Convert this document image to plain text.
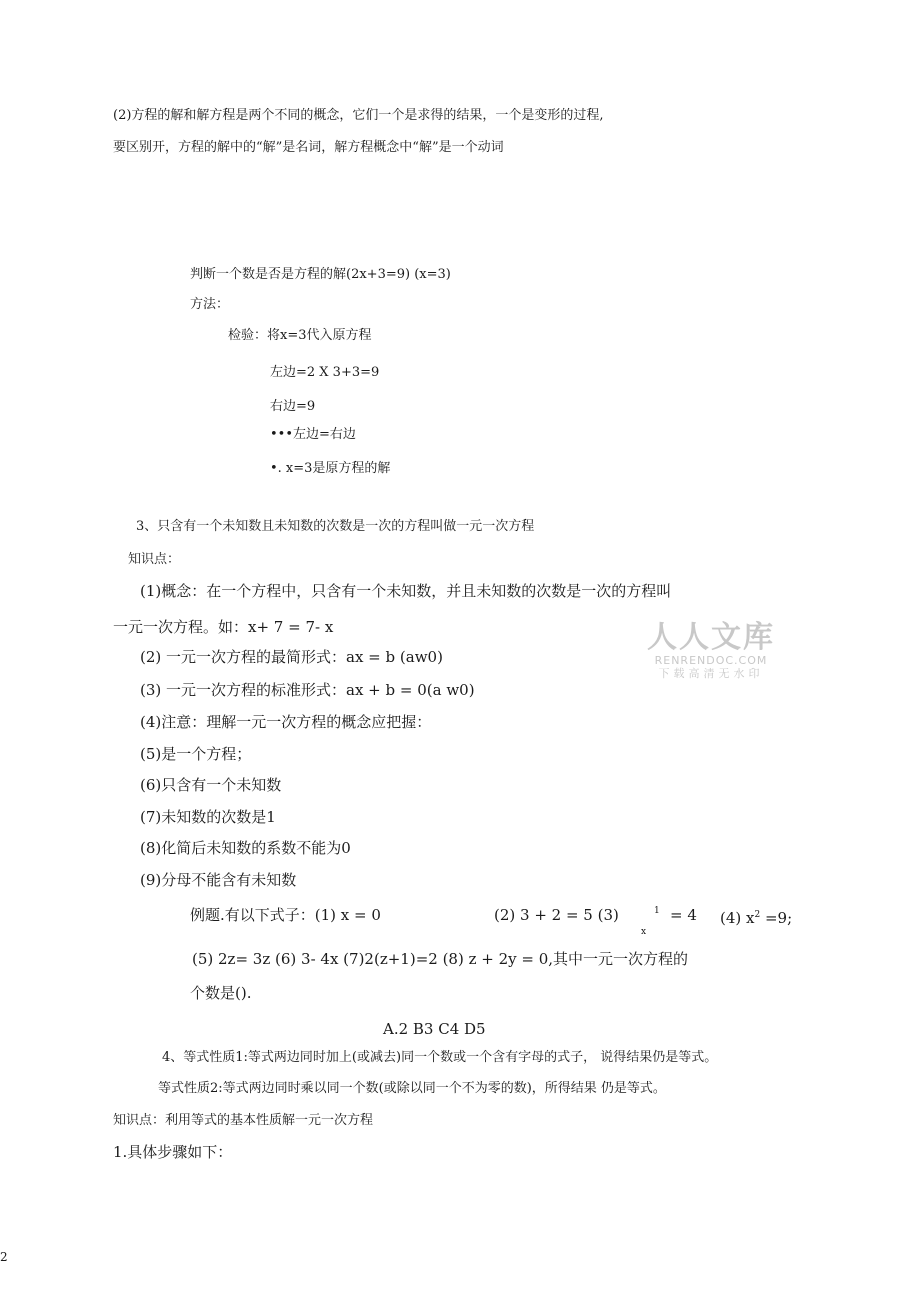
(2)方程的解和解方程是两个不同的概念，它们一个是求得的结果，一个是变形的过程,
要区别开，方程的解中的“解”是名词，解方程概念中“解”是一个动词
判断一个数是否是方程的解(2x+3=9) (x=3)
方法：
检验：将x=3代入原方程
左边=2 X 3+3=9
右边=9
•••左边=右边
•. x=3是原方程的解
3、只含有一个未知数且未知数的次数是一次的方程叫做一元一次方程
知识点：
(1)概念：在一个方程中，只含有一个未知数，并且未知数的次数是一次的方程叫
一元一次方程。如：x+ 7 = 7- x
(2) 一元一次方程的最简形式：ax = b (aw0)
(3) 一元一次方程的标准形式：ax + b = 0(a w0)
(4)注意：理解一元一次方程的概念应把握：
(5)是一个方程；
(6)只含有一个未知数
(7)未知数的次数是1
(8)化简后未知数的系数不能为0
(9)分母不能含有未知数
例题.有以下式子：(1) x = 0	(2) 3 + 2 = 5 (3)	$^1$ = 4 (4) $x^2 =9$;
x
(5) 2z= 3z (6) 3- 4x (7)2(z+1)=2 (8) z + 2y = 0,其中一元一次方程的
个数是().
A.2 B3 C4 D5
4、等式性质1:等式两边同时加上(或减去)同一个数或一个含有字母的式子， 说得结果仍是等式。
等式性质2:等式两边同时乘以同一个数(或除以同一个不为零的数)，所得结果 仍是等式。
知识点：利用等式的基本性质解一元一次方程
1.具体步骤如下：
人人文库
RENRENDOC.COM
下载高清无水印
2
